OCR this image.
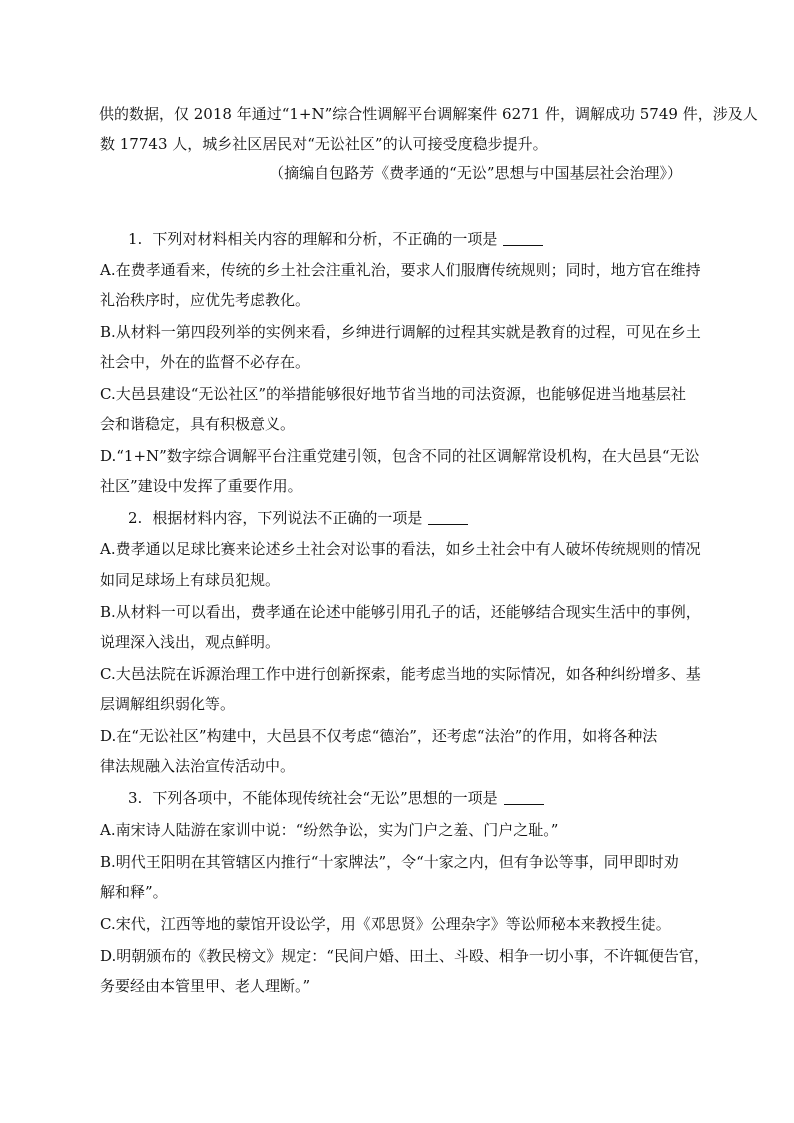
供的数据，仅 2018 年通过“1+N”综合性调解平台调解案件 6271 件，调解成功 5749 件，涉及人
数 17743 人，城乡社区居民对“无讼社区”的认可接受度稳步提升。
（摘编自包路芳《费孝通的“无讼”思想与中国基层社会治理》）
1. 下列对材料相关内容的理解和分析，不正确的一项是
A.在费孝通看来，传统的乡土社会注重礼治，要求人们服膺传统规则；同时，地方官在维持
礼治秩序时，应优先考虑教化。
B.从材料一第四段列举的实例来看，乡绅进行调解的过程其实就是教育的过程，可见在乡土
社会中，外在的监督不必存在。
C.大邑县建设“无讼社区”的举措能够很好地节省当地的司法资源，也能够促进当地基层社
会和谐稳定，具有积极意义。
D.“1+N”数字综合调解平台注重党建引领，包含不同的社区调解常设机构，在大邑县“无讼
社区”建设中发挥了重要作用。
2. 根据材料内容，下列说法不正确的一项是
A.费孝通以足球比赛来论述乡土社会对讼事的看法，如乡土社会中有人破坏传统规则的情况
如同足球场上有球员犯规。
B.从材料一可以看出，费孝通在论述中能够引用孔子的话，还能够结合现实生活中的事例，
说理深入浅出，观点鲜明。
C.大邑法院在诉源治理工作中进行创新探索，能考虑当地的实际情况，如各种纠纷增多、基
层调解组织弱化等。
D.在“无讼社区”构建中，大邑县不仅考虑“德治”，还考虑“法治”的作用，如将各种法
律法规融入法治宣传活动中。
3. 下列各项中，不能体现传统社会“无讼”思想的一项是
A.南宋诗人陆游在家训中说：“纷然争讼，实为门户之羞、门户之耻。”
B.明代王阳明在其管辖区内推行“十家牌法”，令“十家之内，但有争讼等事，同甲即时劝
解和释”。
C.宋代，江西等地的蒙馆开设讼学，用《邓思贤》公理杂字》等讼师秘本来教授生徒。
D.明朝颁布的《教民榜文》规定：“民间户婚、田土、斗殴、相争一切小事，不许辄便告官，
务要经由本管里甲、老人理断。”
